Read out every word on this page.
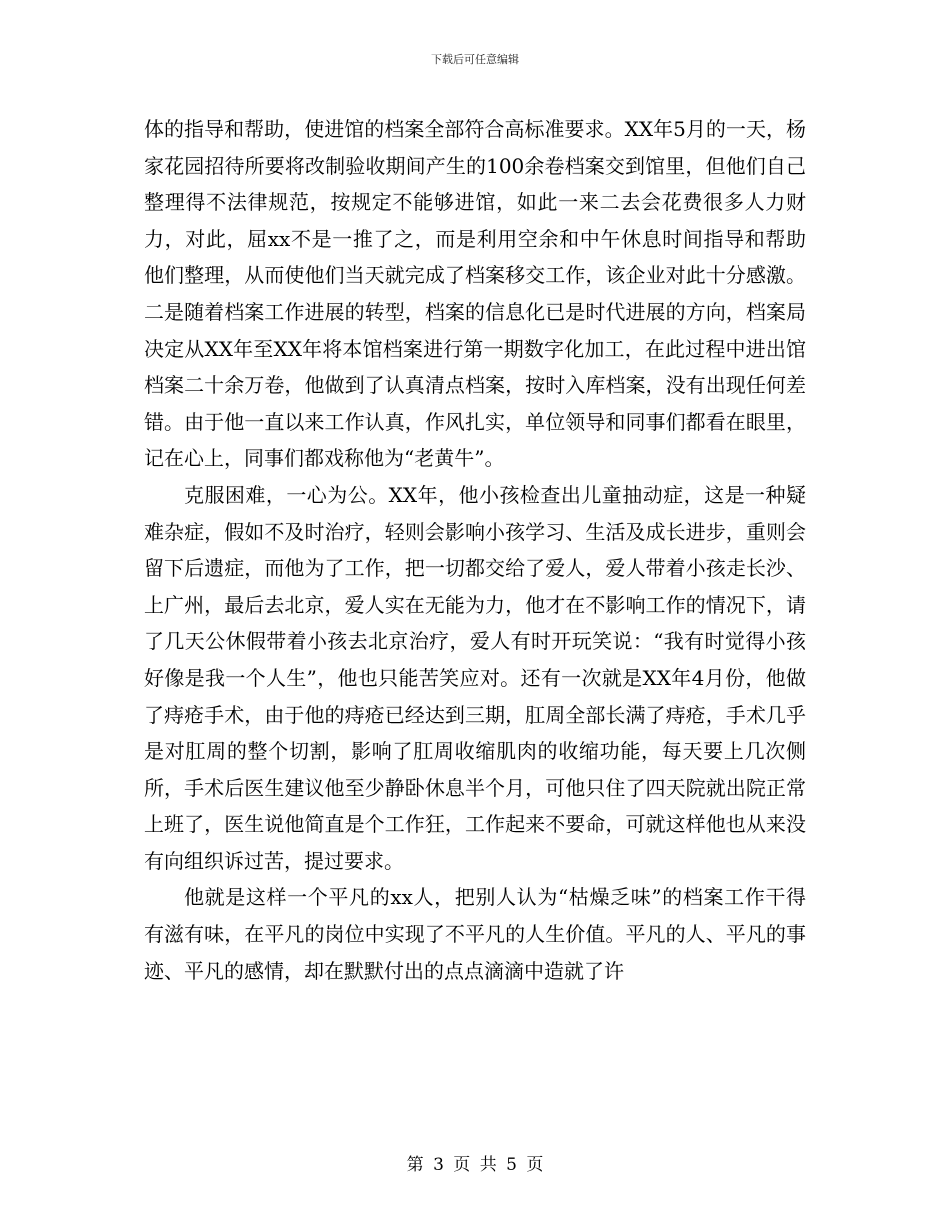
下载后可任意编辑

体的指导和帮助，使进馆的档案全部符合高标准要求。XX年5月的一天，杨家花园招待所要将改制验收期间产生的100余卷档案交到馆里，但他们自己整理得不法律规范，按规定不能够进馆，如此一来二去会花费很多人力财力，对此，屈xx不是一推了之，而是利用空余和中午休息时间指导和帮助他们整理，从而使他们当天就完成了档案移交工作，该企业对此十分感激。二是随着档案工作进展的转型，档案的信息化已是时代进展的方向，档案局决定从XX年至XX年将本馆档案进行第一期数字化加工，在此过程中进出馆档案二十余万卷，他做到了认真清点档案，按时入库档案，没有出现任何差错。由于他一直以来工作认真，作风扎实，单位领导和同事们都看在眼里，记在心上，同事们都戏称他为“老黄牛”。

克服困难，一心为公。XX年，他小孩检查出儿童抽动症，这是一种疑难杂症，假如不及时治疗，轻则会影响小孩学习、生活及成长进步，重则会留下后遗症，而他为了工作，把一切都交给了爱人，爱人带着小孩走长沙、上广州，最后去北京，爱人实在无能为力，他才在不影响工作的情况下，请了几天公休假带着小孩去北京治疗，爱人有时开玩笑说：“我有时觉得小孩好像是我一个人生”，他也只能苦笑应对。还有一次就是XX年4月份，他做了痔疮手术，由于他的痔疮已经达到三期，肛周全部长满了痔疮，手术几乎是对肛周的整个切割，影响了肛周收缩肌肉的收缩功能，每天要上几次侧所，手术后医生建议他至少静卧休息半个月，可他只住了四天院就出院正常上班了，医生说他简直是个工作狂，工作起来不要命，可就这样他也从来没有向组织诉过苦，提过要求。

他就是这样一个平凡的xx人，把别人认为“枯燥乏味”的档案工作干得有滋有味，在平凡的岗位中实现了不平凡的人生价值。平凡的人、平凡的事迹、平凡的感情，却在默默付出的点点滴滴中造就了许

第 3 页 共 5 页
